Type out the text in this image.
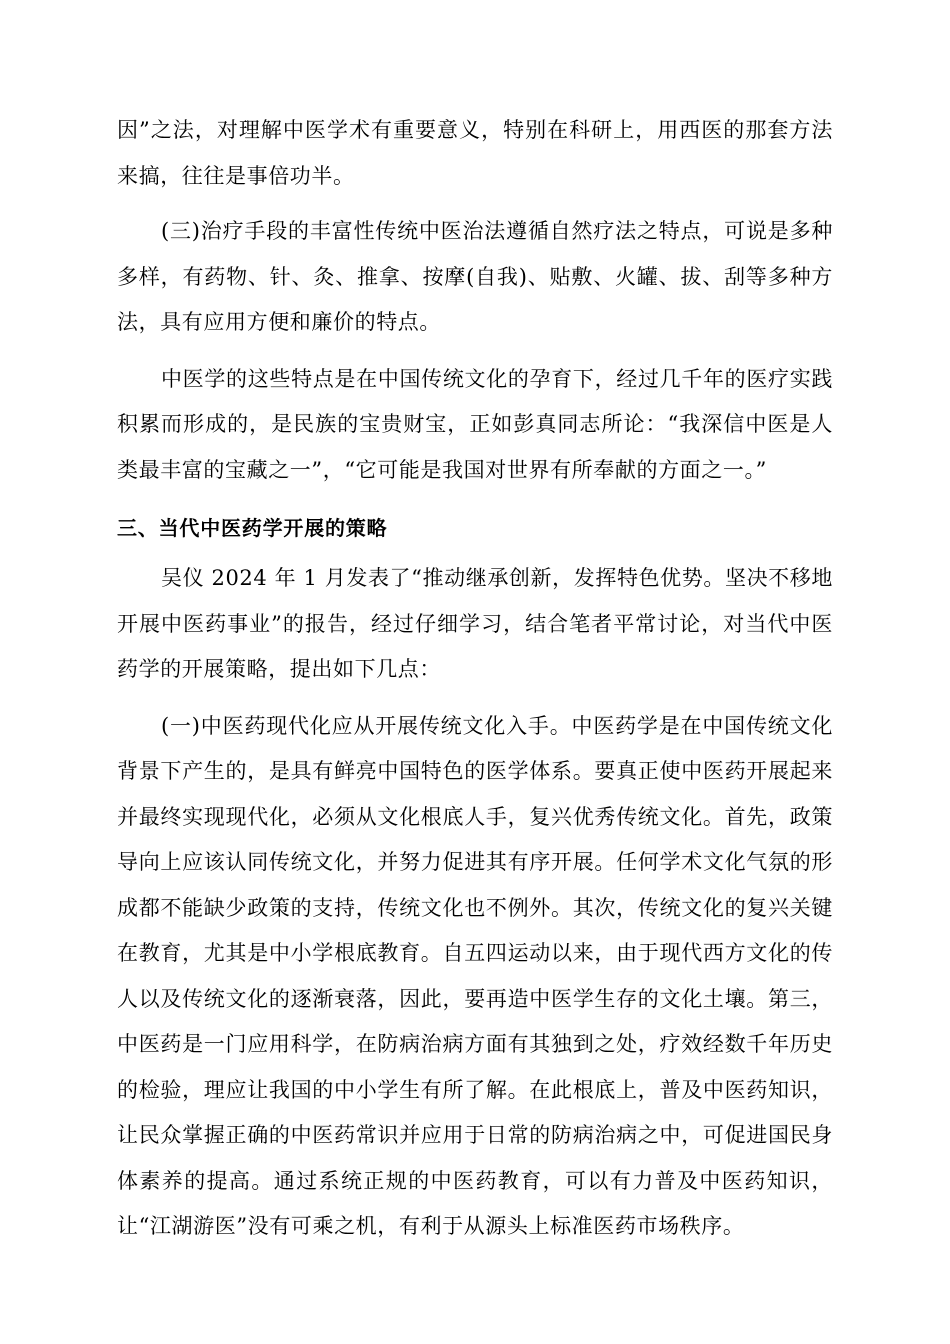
因”之法，对理解中医学术有重要意义，特别在科研上，用西医的那套方法来搞，往往是事倍功半。

(三)治疗手段的丰富性传统中医治法遵循自然疗法之特点，可说是多种多样，有药物、针、灸、推拿、按摩(自我)、贴敷、火罐、拔、刮等多种方法，具有应用方便和廉价的特点。

中医学的这些特点是在中国传统文化的孕育下，经过几千年的医疗实践积累而形成的，是民族的宝贵财宝，正如彭真同志所论：“我深信中医是人类最丰富的宝藏之一”，“它可能是我国对世界有所奉献的方面之一。”

三、当代中医药学开展的策略

吴仪 2024 年 1 月发表了“推动继承创新，发挥特色优势。坚决不移地开展中医药事业”的报告，经过仔细学习，结合笔者平常讨论，对当代中医药学的开展策略，提出如下几点：

(一)中医药现代化应从开展传统文化入手。中医药学是在中国传统文化背景下产生的，是具有鲜亮中国特色的医学体系。要真正使中医药开展起来并最终实现现代化，必须从文化根底人手，复兴优秀传统文化。首先，政策导向上应该认同传统文化，并努力促进其有序开展。任何学术文化气氛的形成都不能缺少政策的支持，传统文化也不例外。其次，传统文化的复兴关键在教育，尤其是中小学根底教育。自五四运动以来，由于现代西方文化的传人以及传统文化的逐渐衰落，因此，要再造中医学生存的文化土壤。第三，中医药是一门应用科学，在防病治病方面有其独到之处，疗效经数千年历史的检验，理应让我国的中小学生有所了解。在此根底上，普及中医药知识，让民众掌握正确的中医药常识并应用于日常的防病治病之中，可促进国民身体素养的提高。通过系统正规的中医药教育，可以有力普及中医药知识，让“江湖游医”没有可乘之机，有利于从源头上标准医药市场秩序。
